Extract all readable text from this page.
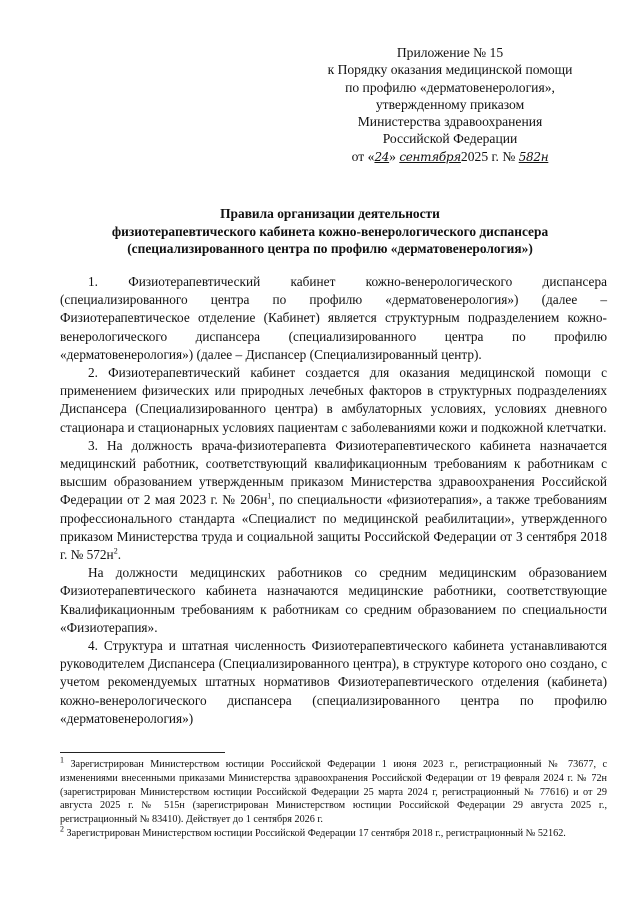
Приложение № 15
к Порядку оказания медицинской помощи
по профилю «дерматовенерология»,
утвержденному приказом
Министерства здравоохранения
Российской Федерации
от «24» сентября2025 г. № 582н
Правила организации деятельности
физиотерапевтического кабинета кожно-венерологического диспансера
(специализированного центра по профилю «дерматовенерология»)

1. Физиотерапевтический кабинет кожно-венерологического диспансера (специализированного центра по профилю «дерматовенерология») (далее – Физиотерапевтическое отделение (Кабинет) является структурным подразделением кожно-венерологического диспансера (специализированного центра по профилю «дерматовенерология») (далее – Диспансер (Специализированный центр).

2. Физиотерапевтический кабинет создается для оказания медицинской помощи с применением физических или природных лечебных факторов в структурных подразделениях Диспансера (Специализированного центра) в амбулаторных условиях, условиях дневного стационара и стационарных условиях пациентам с заболеваниями кожи и подкожной клетчатки.

3. На должность врача-физиотерапевта Физиотерапевтического кабинета назначается медицинский работник, соответствующий квалификационным требованиям к работникам с высшим образованием утвержденным приказом Министерства здравоохранения Российской Федерации от 2 мая 2023 г. № $206н^1$, по специальности «физиотерапия», а также требованиям профессионального стандарта «Специалист по медицинской реабилитации», утвержденного приказом Министерства труда и социальной защиты Российской Федерации от 3 сентября 2018 г. № $572н^2$.

На должности медицинских работников со средним медицинским образованием Физиотерапевтического кабинета назначаются медицинские работники, соответствующие Квалификационным требованиям к работникам со средним образованием по специальности «Физиотерапия».

4. Структура и штатная численность Физиотерапевтического кабинета устанавливаются руководителем Диспансера (Специализированного центра), в структуре которого оно создано, с учетом рекомендуемых штатных нормативов Физиотерапевтического отделения (кабинета) кожно-венерологического диспансера (специализированного центра по профилю «дерматовенерология»)

$^1$ Зарегистрирован Министерством юстиции Российской Федерации 1 июня 2023 г., регистрационный № 73677, с изменениями внесенными приказами Министерства здравоохранения Российской Федерации от 19 февраля 2024 г. № 72н (зарегистрирован Министерством юстиции Российской Федерации 25 марта 2024 г, регистрационный № 77616) и от 29 августа 2025 г. № 515н (зарегистрирован Министерством юстиции Российской Федерации 29 августа 2025 г., регистрационный № 83410). Действует до 1 сентября 2026 г.

$^2$ Зарегистрирован Министерством юстиции Российской Федерации 17 сентября 2018 г., регистрационный № 52162.
